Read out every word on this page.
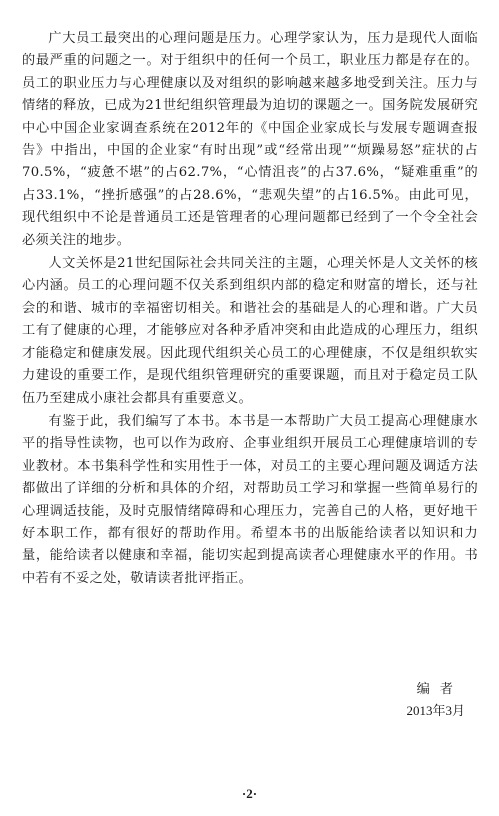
广大员工最突出的心理问题是压力。心理学家认为，压力是现代人面临的最严重的问题之一。对于组织中的任何一个员工，职业压力都是存在的。员工的职业压力与心理健康以及对组织的影响越来越多地受到关注。压力与情绪的释放，已成为21世纪组织管理最为迫切的课题之一。国务院发展研究中心中国企业家调查系统在2012年的《中国企业家成长与发展专题调查报告》中指出，中国的企业家“有时出现”或“经常出现”“烦躁易怒”症状的占70.5%，“疲惫不堪”的占62.7%，“心情沮丧”的占37.6%，“疑难重重”的占33.1%，“挫折感强”的占28.6%，“悲观失望”的占16.5%。由此可见，现代组织中不论是普通员工还是管理者的心理问题都已经到了一个令全社会必须关注的地步。

人文关怀是21世纪国际社会共同关注的主题，心理关怀是人文关怀的核心内涵。员工的心理问题不仅关系到组织内部的稳定和财富的增长，还与社会的和谐、城市的幸福密切相关。和谐社会的基础是人的心理和谐。广大员工有了健康的心理，才能够应对各种矛盾冲突和由此造成的心理压力，组织才能稳定和健康发展。因此现代组织关心员工的心理健康，不仅是组织软实力建设的重要工作，是现代组织管理研究的重要课题，而且对于稳定员工队伍乃至建成小康社会都具有重要意义。

有鉴于此，我们编写了本书。本书是一本帮助广大员工提高心理健康水平的指导性读物，也可以作为政府、企事业组织开展员工心理健康培训的专业教材。本书集科学性和实用性于一体，对员工的主要心理问题及调适方法都做出了详细的分析和具体的介绍，对帮助员工学习和掌握一些简单易行的心理调适技能，及时克服情绪障碍和心理压力，完善自己的人格，更好地干好本职工作，都有很好的帮助作用。希望本书的出版能给读者以知识和力量，能给读者以健康和幸福，能切实起到提高读者心理健康水平的作用。书中若有不妥之处，敬请读者批评指正。

编者
2013年3月
·2·
